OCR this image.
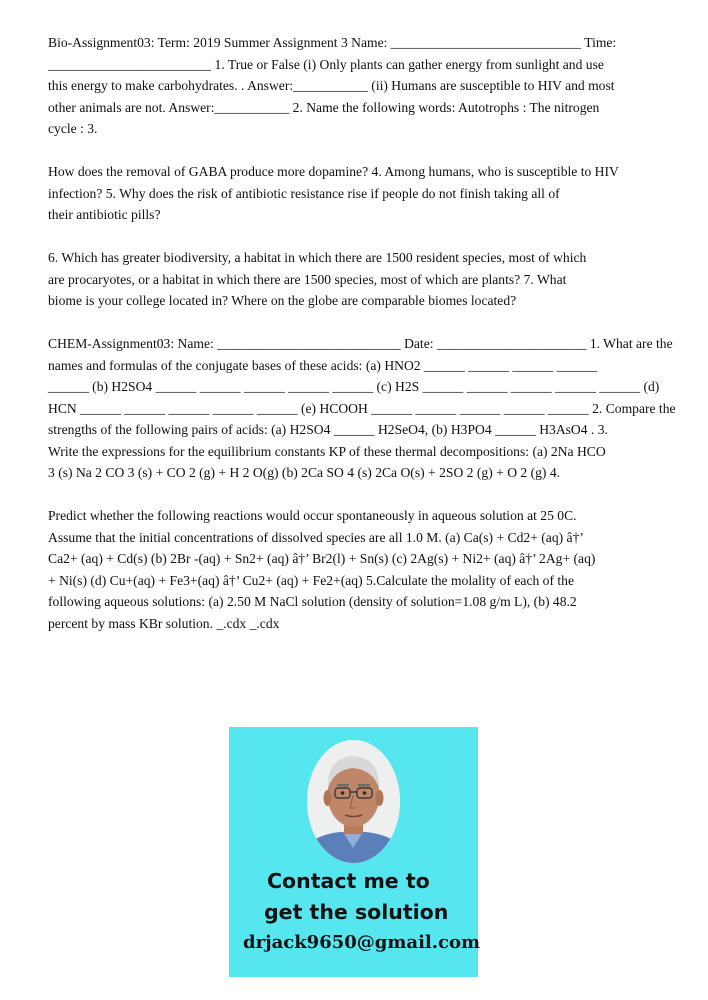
Bio-Assignment03: Term: 2019 Summer Assignment 3 Name: ____________________________ Time:
________________________ 1. True or False (i) Only plants can gather energy from sunlight and use
this energy to make carbohydrates. . Answer:___________ (ii) Humans are susceptible to HIV and most
other animals are not. Answer:___________ 2. Name the following words: Autotrophs : The nitrogen
cycle : 3.
How does the removal of GABA produce more dopamine? 4. Among humans, who is susceptible to HIV
infection? 5. Why does the risk of antibiotic resistance rise if people do not finish taking all of
their antibiotic pills?
6. Which has greater biodiversity, a habitat in which there are 1500 resident species, most of which
are procaryotes, or a habitat in which there are 1500 species, most of which are plants? 7. What
biome is your college located in? Where on the globe are comparable biomes located?
CHEM-Assignment03: Name: ___________________________ Date: ______________________ 1. What are the
names and formulas of the conjugate bases of these acids: (a) HNO2 ______ ______ ______ ______
______ (b) H2SO4 ______ ______ ______ ______ ______ (c) H2S ______ ______ ______ ______ ______ (d)
HCN ______ ______ ______ ______ ______ (e) HCOOH ______ ______ ______ ______ ______ 2. Compare the
strengths of the following pairs of acids: (a) H2SO4 ______ H2SeO4, (b) H3PO4 ______ H3AsO4 . 3.
Write the expressions for the equilibrium constants KP of these thermal decompositions: (a) 2Na HCO
3 (s) Na 2 CO 3 (s) + CO 2 (g) + H 2 O(g) (b) 2Ca SO 4 (s) 2Ca O(s) + 2SO 2 (g) + O 2 (g) 4.
Predict whether the following reactions would occur spontaneously in aqueous solution at 25 0C.
Assume that the initial concentrations of dissolved species are all 1.0 M. (a) Ca(s) + Cd2+ (aq) â†’
Ca2+ (aq) + Cd(s) (b) 2Br -(aq) + Sn2+ (aq) â†’ Br2(l) + Sn(s) (c) 2Ag(s) + Ni2+ (aq) â†’ 2Ag+ (aq)
+ Ni(s) (d) Cu+(aq) + Fe3+(aq) â†’ Cu2+ (aq) + Fe2+(aq) 5.Calculate the molality of each of the
following aqueous solutions: (a) 2.50 M NaCl solution (density of solution=1.08 g/m L), (b) 48.2
percent by mass KBr solution. _.cdx _.cdx
Contact me to
get the solution
drjack9650@gmail.com
